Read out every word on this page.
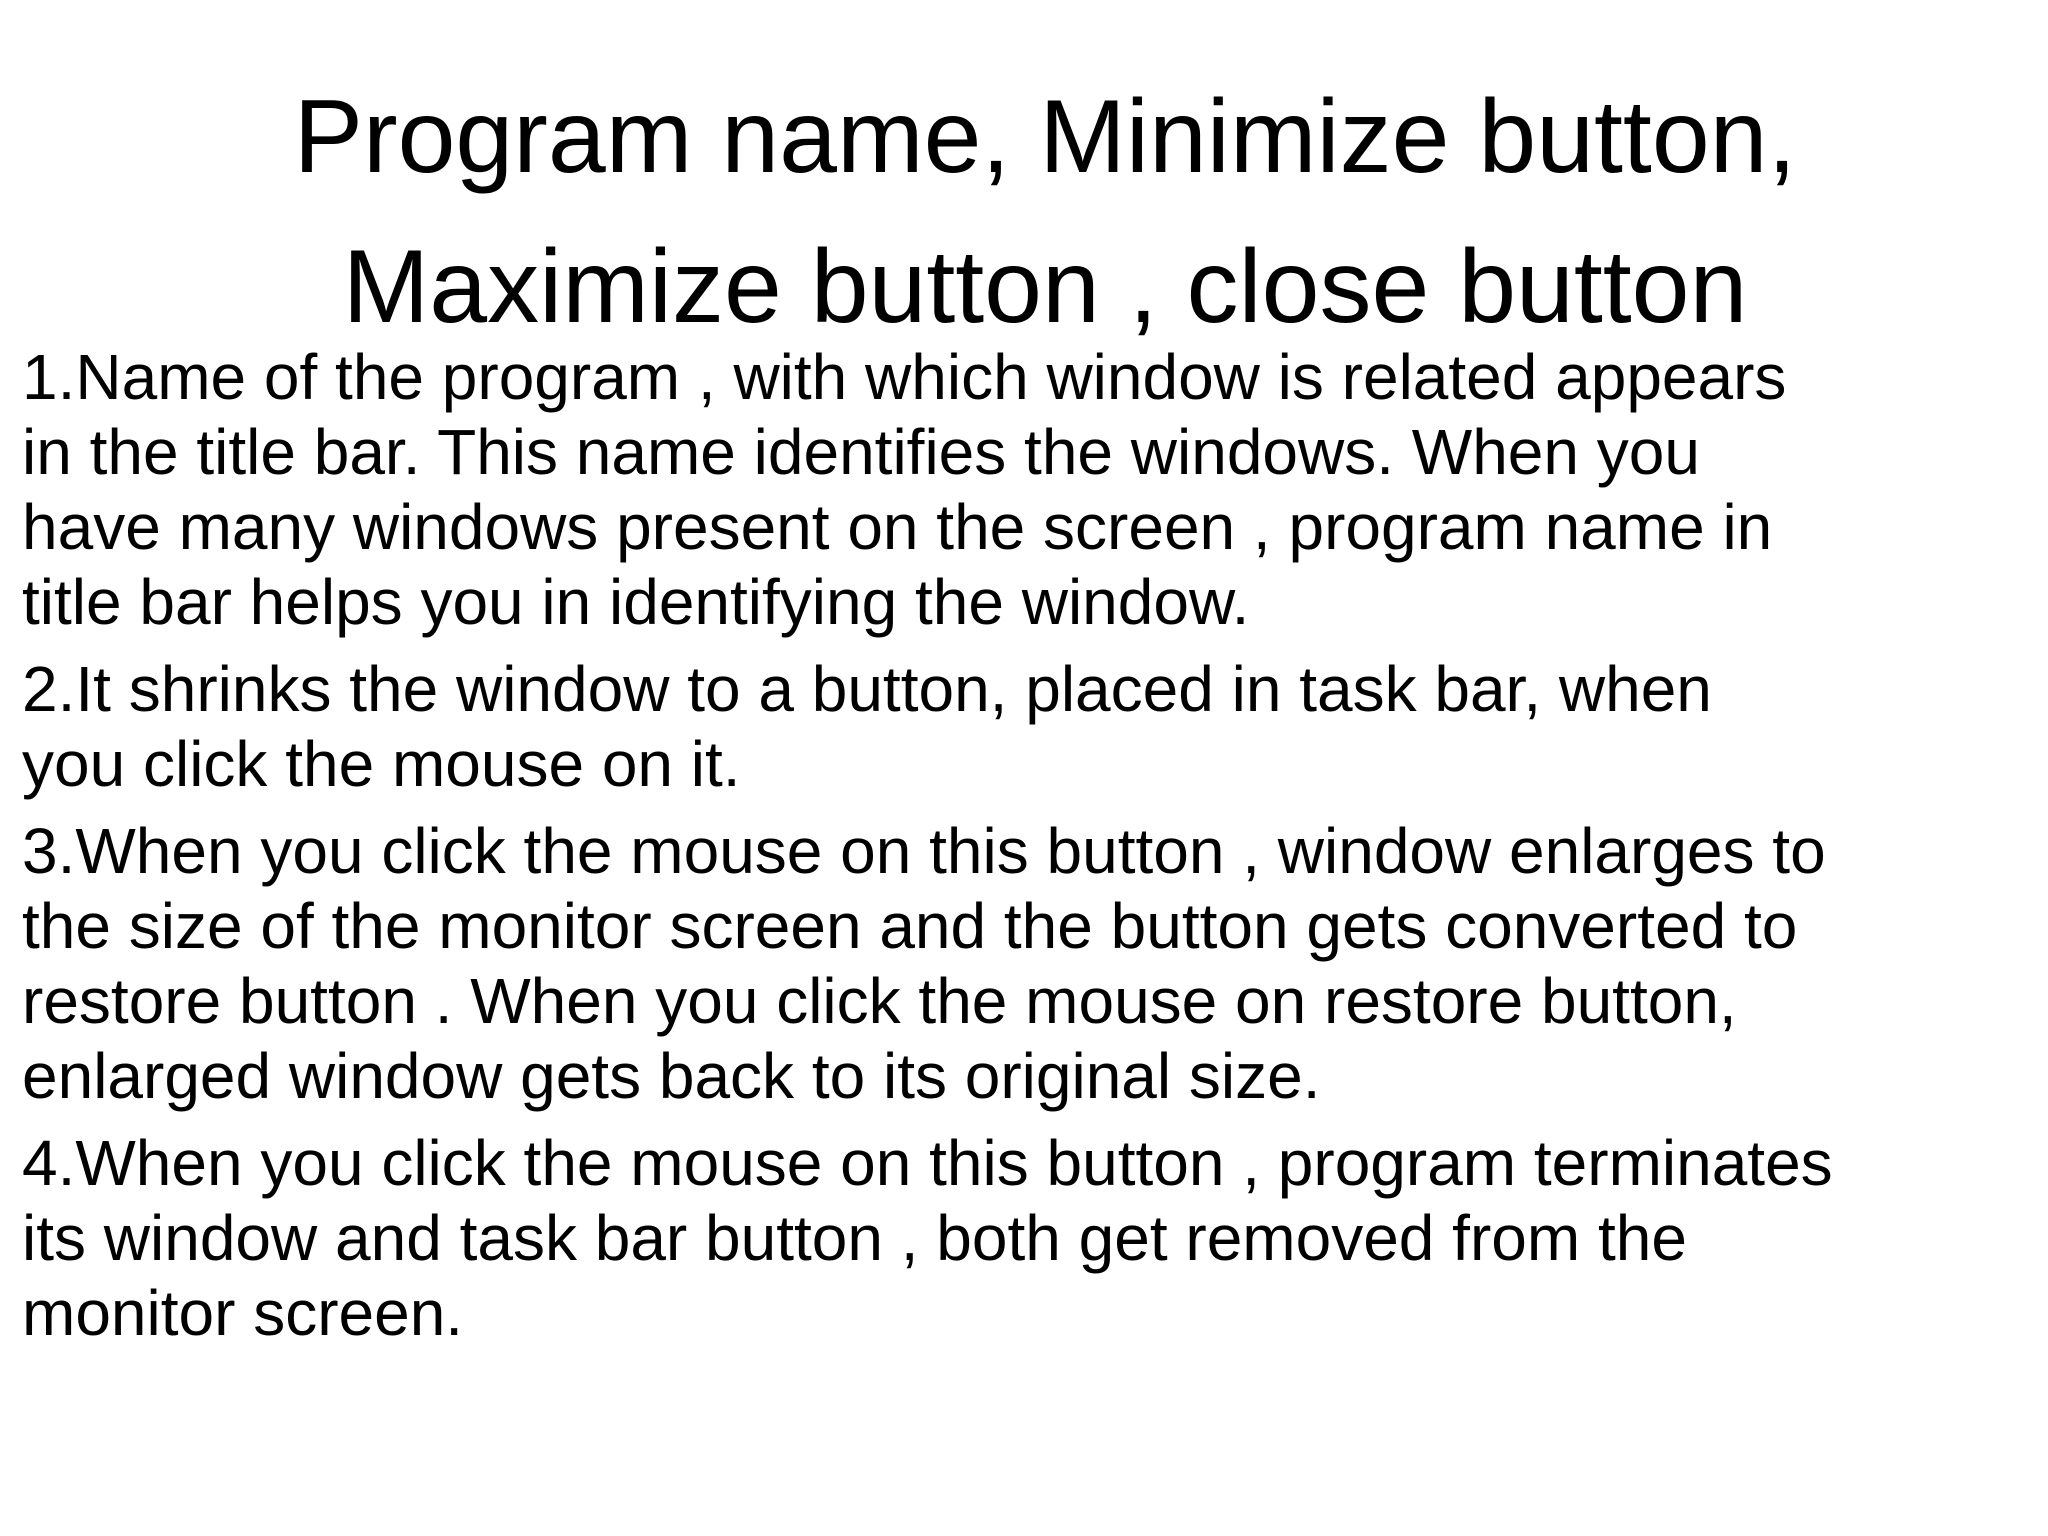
Program name, Minimize button,
Maximize button , close button
1.Name of the program , with which window is related appears
in the title bar. This name identifies the windows. When you
have many windows present on the screen , program name in
title bar helps you in identifying the window.
2.It shrinks the window to a button, placed in task bar, when
you click the mouse on it.
3.When you click the mouse on this button , window enlarges to
the size of the monitor screen and the button gets converted to
restore button . When you click the mouse on restore button,
enlarged window gets back to its original size.
4.When you click the mouse on this button , program terminates
its window and task bar button , both get removed from the
monitor screen.
